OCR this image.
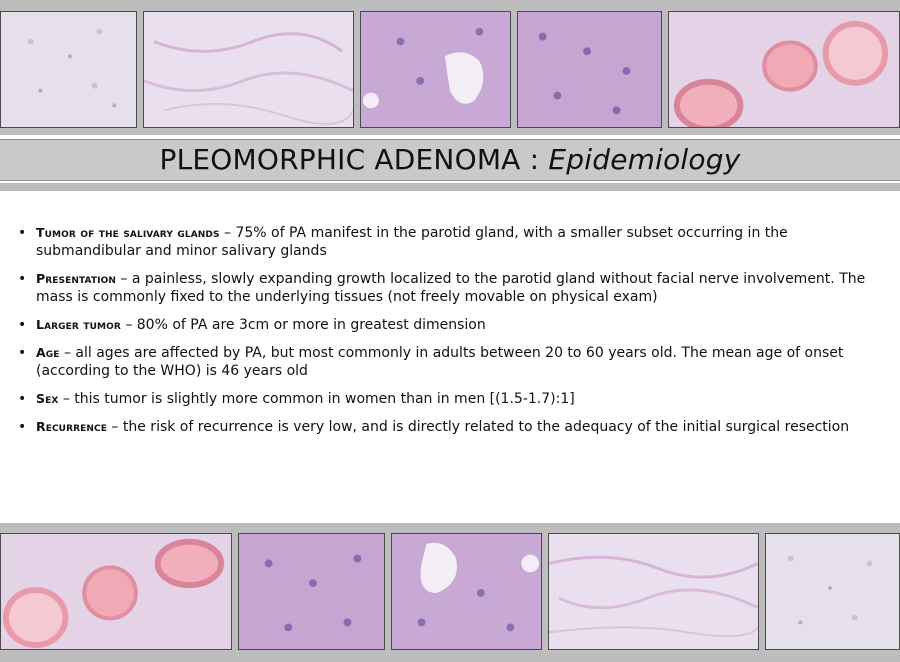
PLEOMORPHIC ADENOMA : Epidemiology
• Tumor of the salivary glands – 75% of PA manifest in the parotid gland, with a smaller subset occurring in the submandibular and minor salivary glands
• Presentation – a painless, slowly expanding growth localized to the parotid gland without facial nerve involvement. The mass is commonly fixed to the underlying tissues (not freely movable on physical exam)
• Larger tumor – 80% of PA are 3cm or more in greatest dimension
• Age – all ages are affected by PA, but most commonly in adults between 20 to 60 years old. The mean age of onset (according to the WHO) is 46 years old
• Sex – this tumor is slightly more common in women than in men [(1.5-1.7):1]
• Recurrence – the risk of recurrence is very low, and is directly related to the adequacy of the initial surgical resection
